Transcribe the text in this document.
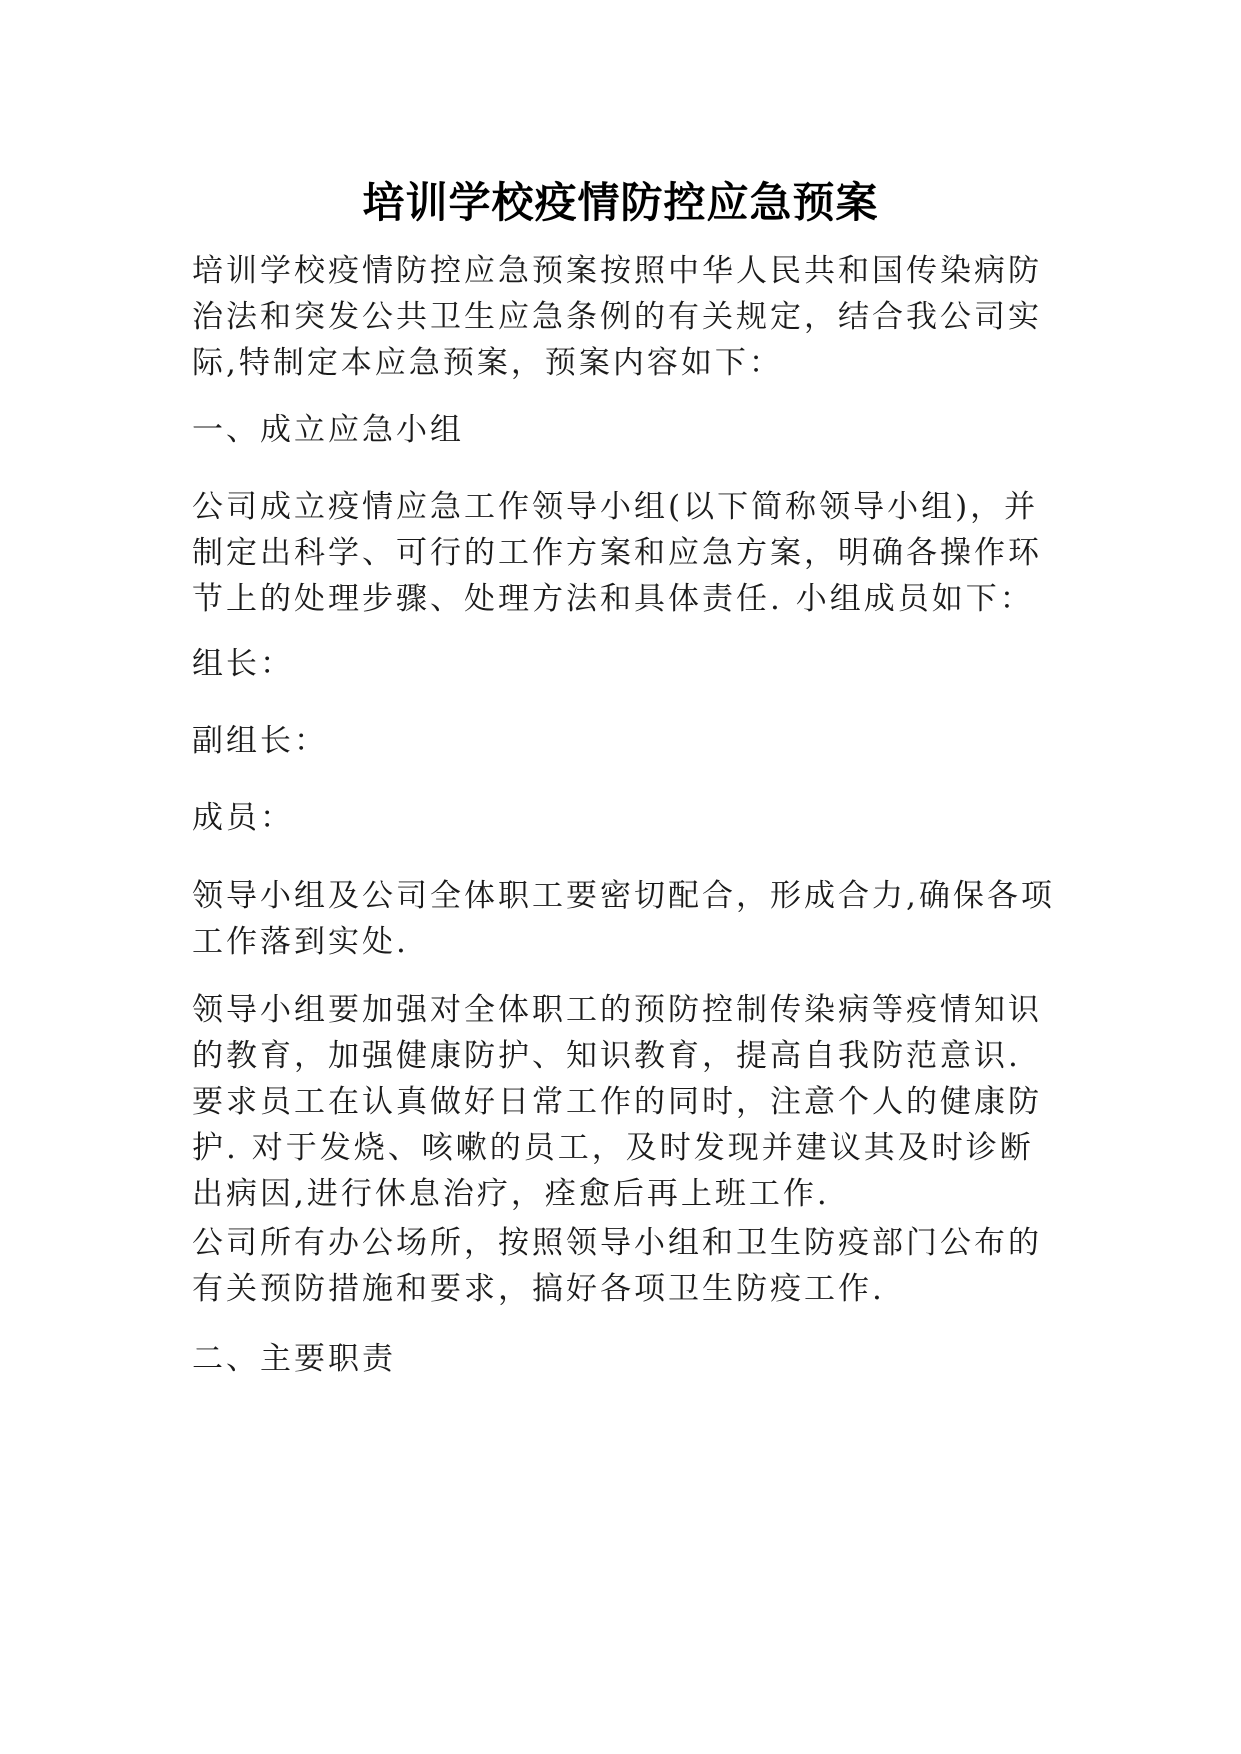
培训学校疫情防控应急预案

培训学校疫情防控应急预案按照中华人民共和国传染病防
治法和突发公共卫生应急条例的有关规定，结合我公司实
际,特制定本应急预案，预案内容如下：

一、成立应急小组

公司成立疫情应急工作领导小组(以下简称领导小组)，并
制定出科学、可行的工作方案和应急方案，明确各操作环
节上的处理步骤、处理方法和具体责任. 小组成员如下：

组长：

副组长：

成员：

领导小组及公司全体职工要密切配合，形成合力,确保各项
工作落到实处.

领导小组要加强对全体职工的预防控制传染病等疫情知识
的教育，加强健康防护、知识教育，提高自我防范意识.
要求员工在认真做好日常工作的同时，注意个人的健康防
护. 对于发烧、咳嗽的员工，及时发现并建议其及时诊断
出病因,进行休息治疗，痊愈后再上班工作.

公司所有办公场所，按照领导小组和卫生防疫部门公布的
有关预防措施和要求，搞好各项卫生防疫工作.

二、主要职责
